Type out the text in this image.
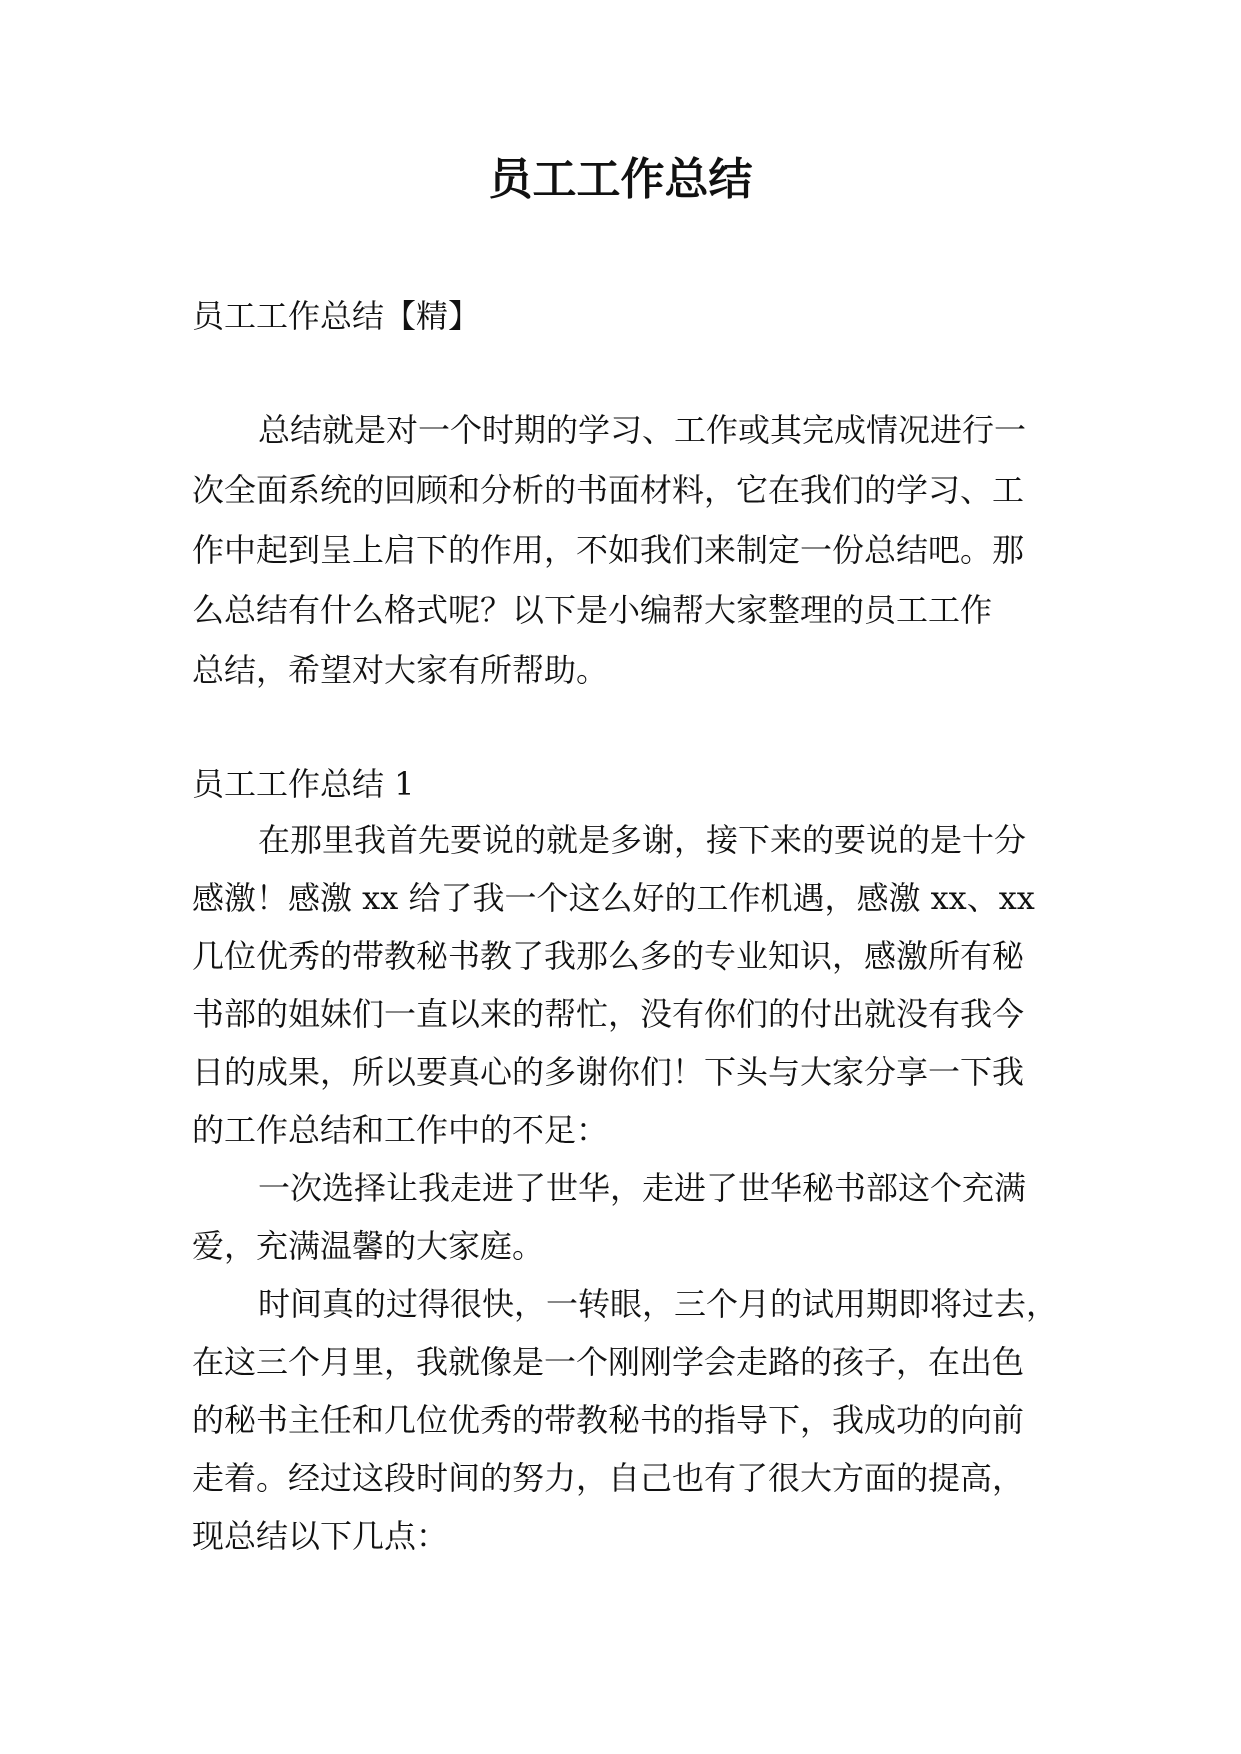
员工工作总结
员工工作总结【精】
总结就是对一个时期的学习、工作或其完成情况进行一
次全面系统的回顾和分析的书面材料，它在我们的学习、工
作中起到呈上启下的作用，不如我们来制定一份总结吧。那
么总结有什么格式呢？以下是小编帮大家整理的员工工作
总结，希望对大家有所帮助。
员工工作总结 1
在那里我首先要说的就是多谢，接下来的要说的是十分
感激！感激 xx 给了我一个这么好的工作机遇，感激 xx、xx
几位优秀的带教秘书教了我那么多的专业知识，感激所有秘
书部的姐妹们一直以来的帮忙，没有你们的付出就没有我今
日的成果，所以要真心的多谢你们！下头与大家分享一下我
的工作总结和工作中的不足：
一次选择让我走进了世华，走进了世华秘书部这个充满
爱，充满温馨的大家庭。
时间真的过得很快，一转眼，三个月的试用期即将过去，
在这三个月里，我就像是一个刚刚学会走路的孩子，在出色
的秘书主任和几位优秀的带教秘书的指导下，我成功的向前
走着。经过这段时间的努力，自己也有了很大方面的提高，
现总结以下几点：
